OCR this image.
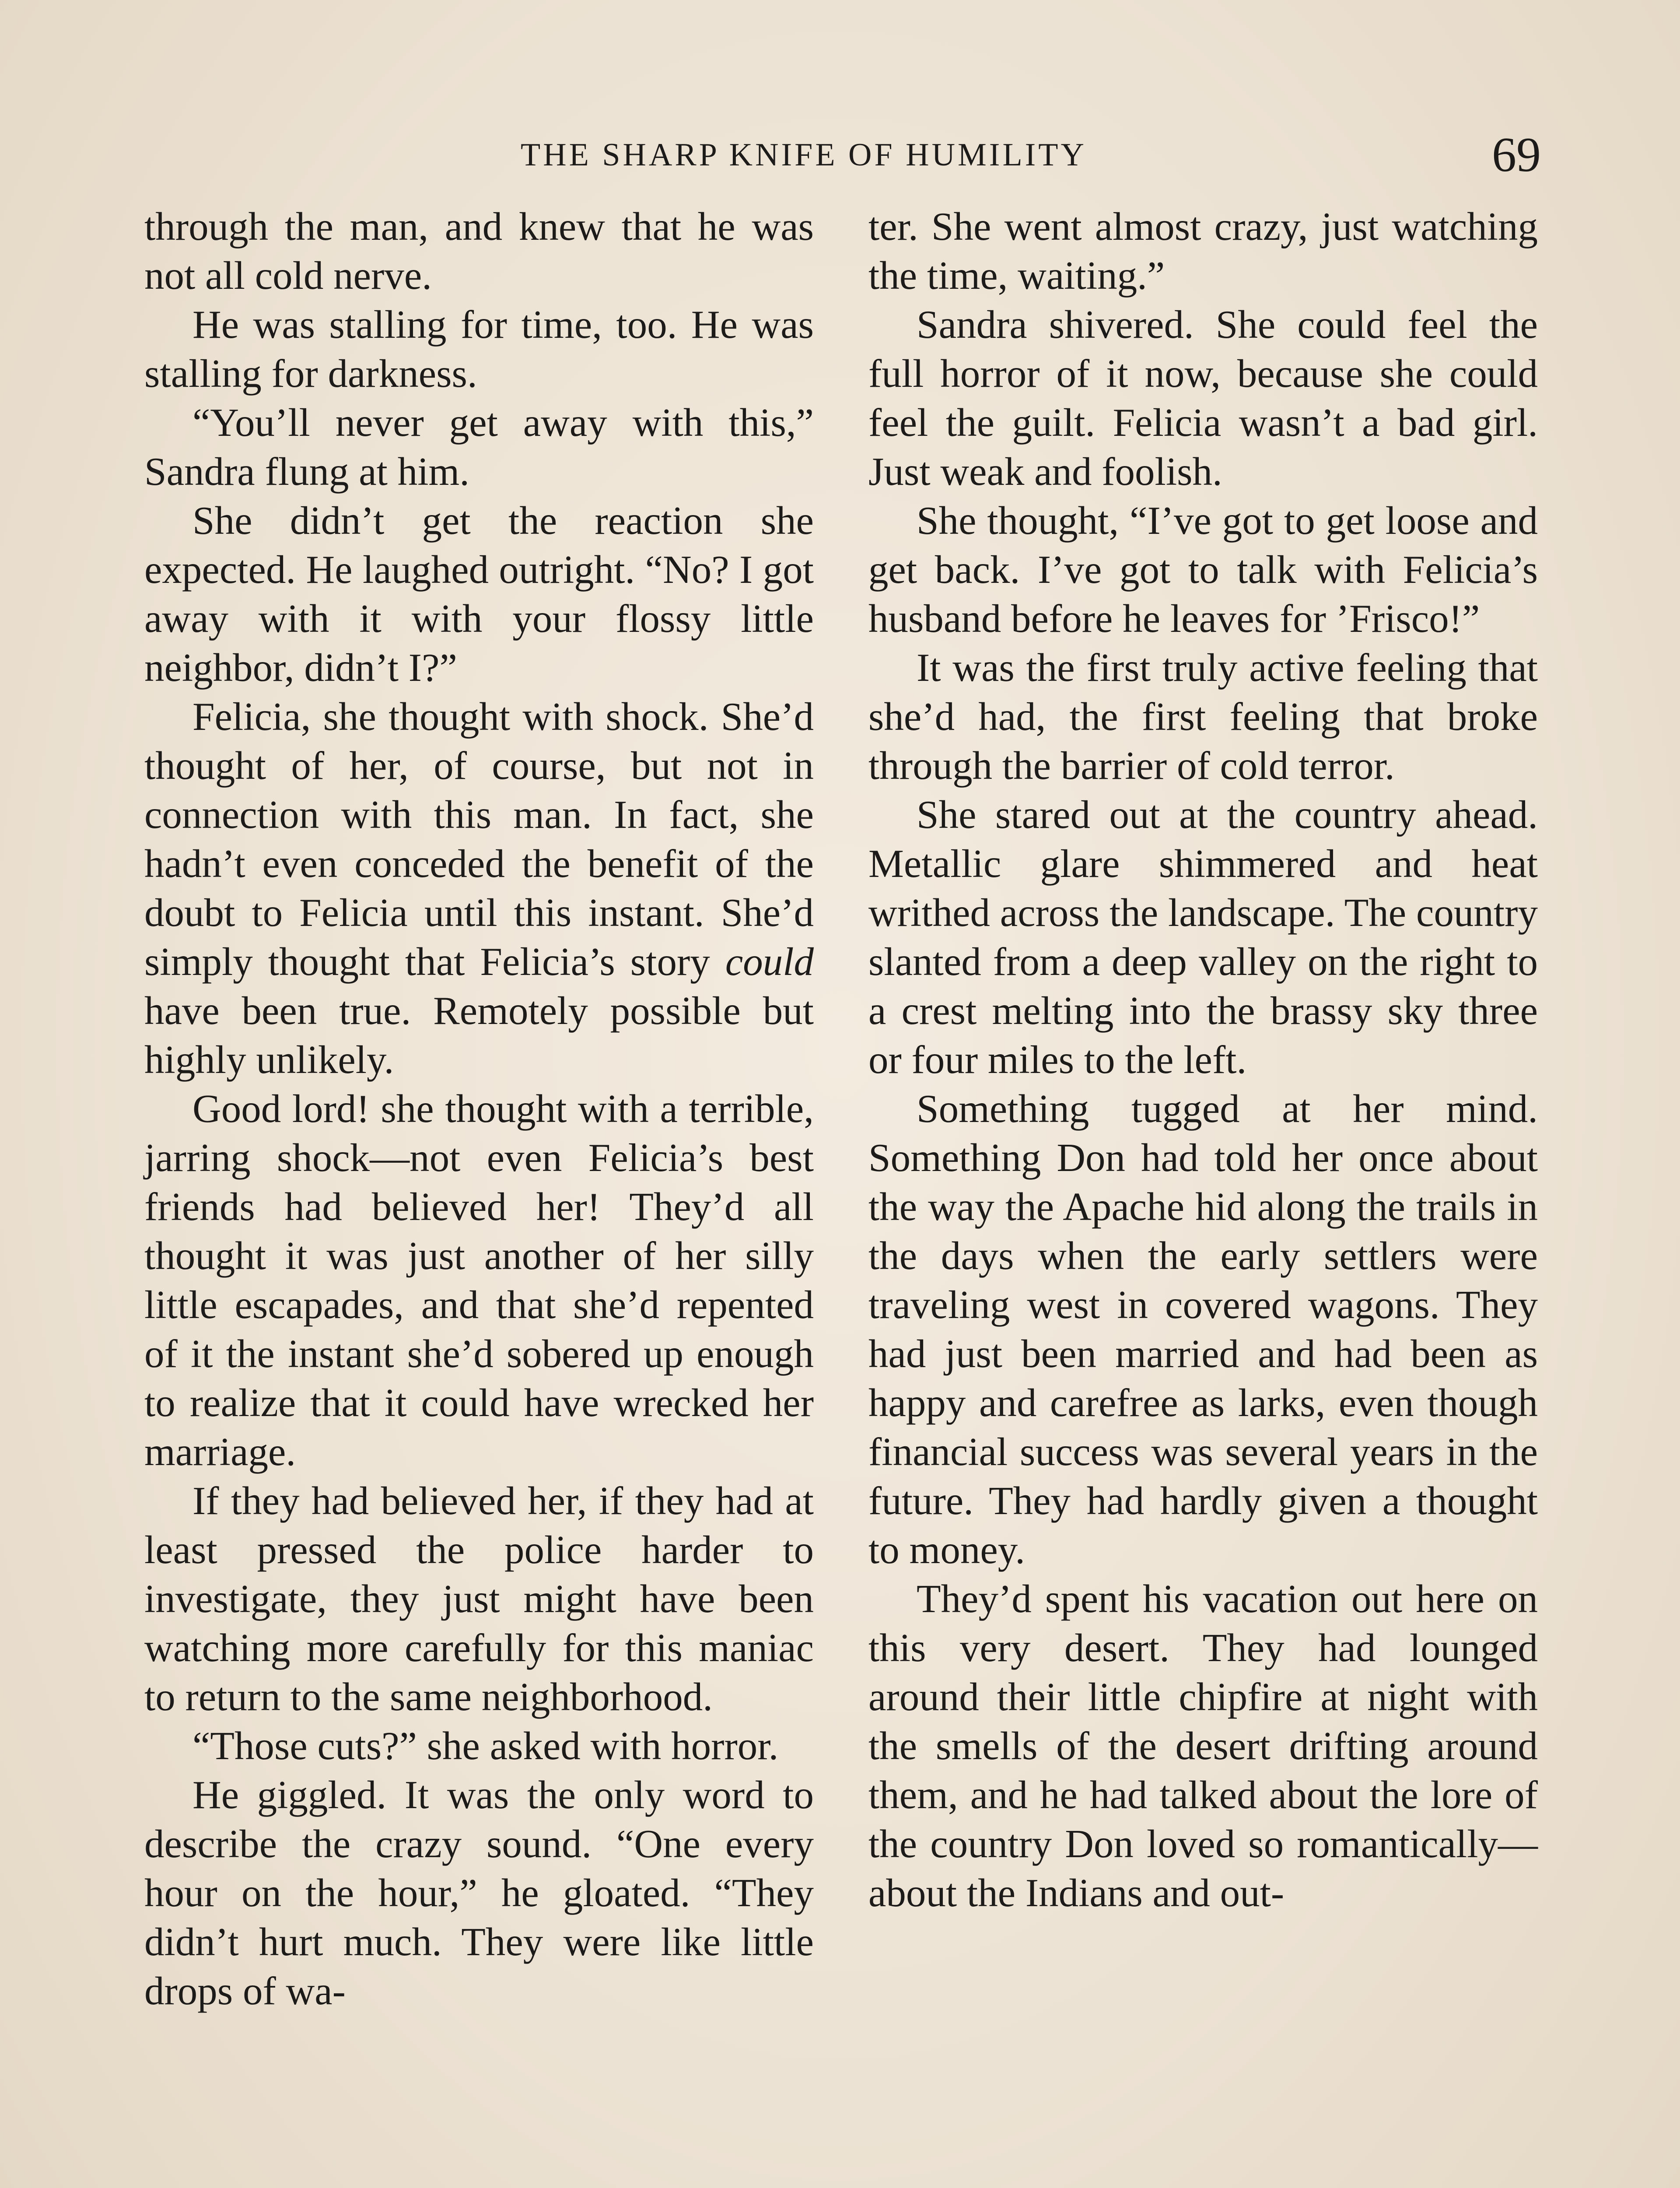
THE SHARP KNIFE OF HUMILITY	69

through the man, and knew that he was not all cold nerve.

He was stalling for time, too. He was stalling for darkness.

“You’ll never get away with this,” Sandra flung at him.

She didn’t get the reaction she expected. He laughed outright. “No? I got away with it with your flossy little neighbor, didn’t I?”

Felicia, she thought with shock. She’d thought of her, of course, but not in connection with this man. In fact, she hadn’t even conceded the benefit of the doubt to Felicia until this instant. She’d simply thought that Felicia’s story could have been true. Remotely possible but highly unlikely.

Good lord! she thought with a terrible, jarring shock—not even Felicia’s best friends had believed her! They’d all thought it was just another of her silly little escapades, and that she’d repented of it the instant she’d sobered up enough to realize that it could have wrecked her marriage.

If they had believed her, if they had at least pressed the police harder to investigate, they just might have been watching more carefully for this maniac to return to the same neighborhood.

“Those cuts?” she asked with horror.

He giggled. It was the only word to describe the crazy sound. “One every hour on the hour,” he gloated. “They didn’t hurt much. They were like little drops of wa-

ter. She went almost crazy, just watching the time, waiting.”

Sandra shivered. She could feel the full horror of it now, because she could feel the guilt. Felicia wasn’t a bad girl. Just weak and foolish.

She thought, “I’ve got to get loose and get back. I’ve got to talk with Felicia’s husband before he leaves for ’Frisco!”

It was the first truly active feeling that she’d had, the first feeling that broke through the barrier of cold terror.

She stared out at the country ahead. Metallic glare shimmered and heat writhed across the landscape. The country slanted from a deep valley on the right to a crest melting into the brassy sky three or four miles to the left.

Something tugged at her mind. Something Don had told her once about the way the Apache hid along the trails in the days when the early settlers were traveling west in covered wagons. They had just been married and had been as happy and carefree as larks, even though financial success was several years in the future. They had hardly given a thought to money.

They’d spent his vacation out here on this very desert. They had lounged around their little chipfire at night with the smells of the desert drifting around them, and he had talked about the lore of the country Don loved so romantically—about the Indians and out-
